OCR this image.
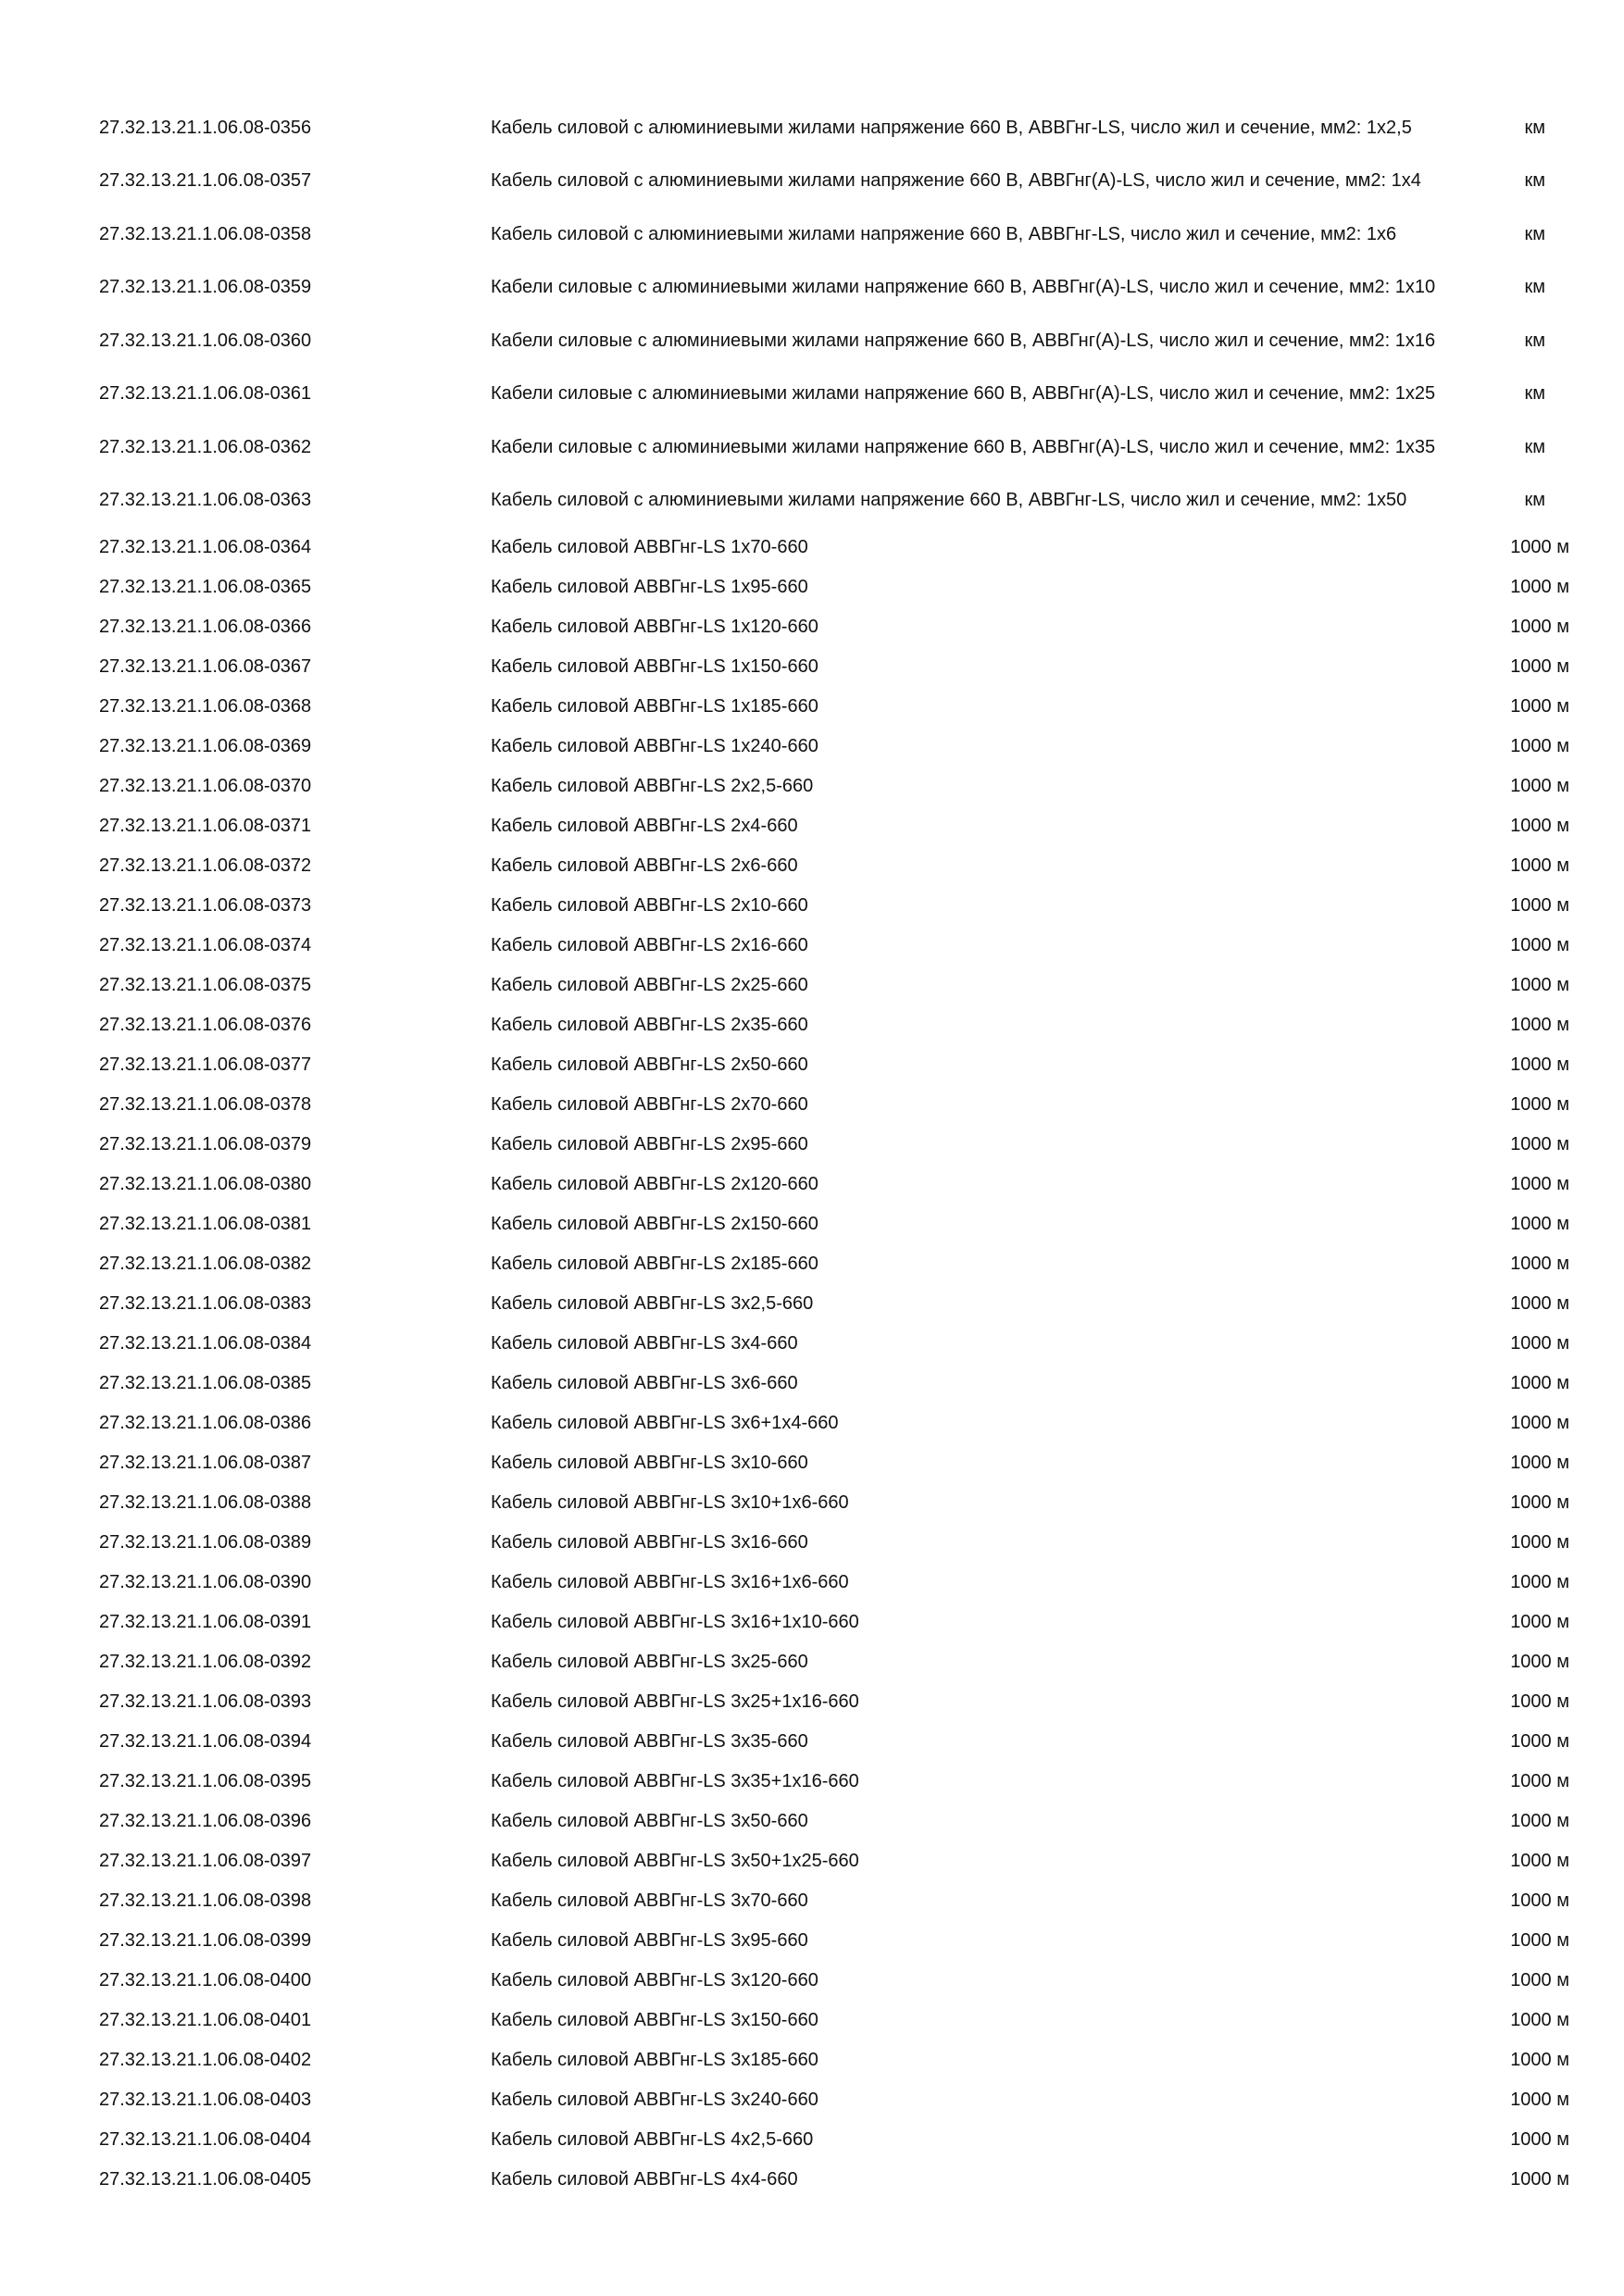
27.32.13.21.1.06.08-0356	Кабель силовой с алюминиевыми жилами напряжение 660 В, АВВГнг-LS, число жил и сечение, мм2: 1х2,5	км
27.32.13.21.1.06.08-0357	Кабель силовой с алюминиевыми жилами напряжение 660 В, АВВГнг(А)-LS, число жил и сечение, мм2: 1х4	км
27.32.13.21.1.06.08-0358	Кабель силовой с алюминиевыми жилами напряжение 660 В, АВВГнг-LS, число жил и сечение, мм2: 1х6	км
27.32.13.21.1.06.08-0359	Кабели силовые с алюминиевыми жилами напряжение 660 В, АВВГнг(А)-LS, число жил и сечение, мм2: 1х10	км
27.32.13.21.1.06.08-0360	Кабели силовые с алюминиевыми жилами напряжение 660 В, АВВГнг(А)-LS, число жил и сечение, мм2: 1х16	км
27.32.13.21.1.06.08-0361	Кабели силовые с алюминиевыми жилами напряжение 660 В, АВВГнг(А)-LS, число жил и сечение, мм2: 1х25	км
27.32.13.21.1.06.08-0362	Кабели силовые с алюминиевыми жилами напряжение 660 В, АВВГнг(А)-LS, число жил и сечение, мм2: 1х35	км
27.32.13.21.1.06.08-0363	Кабель силовой с алюминиевыми жилами напряжение 660 В, АВВГнг-LS, число жил и сечение, мм2: 1х50	км
27.32.13.21.1.06.08-0364	Кабель силовой АВВГнг-LS 1х70-660	1000 м
27.32.13.21.1.06.08-0365	Кабель силовой АВВГнг-LS 1х95-660	1000 м
27.32.13.21.1.06.08-0366	Кабель силовой АВВГнг-LS 1х120-660	1000 м
27.32.13.21.1.06.08-0367	Кабель силовой АВВГнг-LS 1х150-660	1000 м
27.32.13.21.1.06.08-0368	Кабель силовой АВВГнг-LS 1х185-660	1000 м
27.32.13.21.1.06.08-0369	Кабель силовой АВВГнг-LS 1х240-660	1000 м
27.32.13.21.1.06.08-0370	Кабель силовой АВВГнг-LS 2х2,5-660	1000 м
27.32.13.21.1.06.08-0371	Кабель силовой АВВГнг-LS 2х4-660	1000 м
27.32.13.21.1.06.08-0372	Кабель силовой АВВГнг-LS 2х6-660	1000 м
27.32.13.21.1.06.08-0373	Кабель силовой АВВГнг-LS 2х10-660	1000 м
27.32.13.21.1.06.08-0374	Кабель силовой АВВГнг-LS 2х16-660	1000 м
27.32.13.21.1.06.08-0375	Кабель силовой АВВГнг-LS 2х25-660	1000 м
27.32.13.21.1.06.08-0376	Кабель силовой АВВГнг-LS 2х35-660	1000 м
27.32.13.21.1.06.08-0377	Кабель силовой АВВГнг-LS 2х50-660	1000 м
27.32.13.21.1.06.08-0378	Кабель силовой АВВГнг-LS 2х70-660	1000 м
27.32.13.21.1.06.08-0379	Кабель силовой АВВГнг-LS 2х95-660	1000 м
27.32.13.21.1.06.08-0380	Кабель силовой АВВГнг-LS 2х120-660	1000 м
27.32.13.21.1.06.08-0381	Кабель силовой АВВГнг-LS 2х150-660	1000 м
27.32.13.21.1.06.08-0382	Кабель силовой АВВГнг-LS 2х185-660	1000 м
27.32.13.21.1.06.08-0383	Кабель силовой АВВГнг-LS 3х2,5-660	1000 м
27.32.13.21.1.06.08-0384	Кабель силовой АВВГнг-LS 3х4-660	1000 м
27.32.13.21.1.06.08-0385	Кабель силовой АВВГнг-LS 3х6-660	1000 м
27.32.13.21.1.06.08-0386	Кабель силовой АВВГнг-LS 3х6+1х4-660	1000 м
27.32.13.21.1.06.08-0387	Кабель силовой АВВГнг-LS 3х10-660	1000 м
27.32.13.21.1.06.08-0388	Кабель силовой АВВГнг-LS 3х10+1х6-660	1000 м
27.32.13.21.1.06.08-0389	Кабель силовой АВВГнг-LS 3х16-660	1000 м
27.32.13.21.1.06.08-0390	Кабель силовой АВВГнг-LS 3х16+1х6-660	1000 м
27.32.13.21.1.06.08-0391	Кабель силовой АВВГнг-LS 3х16+1х10-660	1000 м
27.32.13.21.1.06.08-0392	Кабель силовой АВВГнг-LS 3х25-660	1000 м
27.32.13.21.1.06.08-0393	Кабель силовой АВВГнг-LS 3х25+1х16-660	1000 м
27.32.13.21.1.06.08-0394	Кабель силовой АВВГнг-LS 3х35-660	1000 м
27.32.13.21.1.06.08-0395	Кабель силовой АВВГнг-LS 3х35+1х16-660	1000 м
27.32.13.21.1.06.08-0396	Кабель силовой АВВГнг-LS 3х50-660	1000 м
27.32.13.21.1.06.08-0397	Кабель силовой АВВГнг-LS 3х50+1х25-660	1000 м
27.32.13.21.1.06.08-0398	Кабель силовой АВВГнг-LS 3х70-660	1000 м
27.32.13.21.1.06.08-0399	Кабель силовой АВВГнг-LS 3х95-660	1000 м
27.32.13.21.1.06.08-0400	Кабель силовой АВВГнг-LS 3х120-660	1000 м
27.32.13.21.1.06.08-0401	Кабель силовой АВВГнг-LS 3х150-660	1000 м
27.32.13.21.1.06.08-0402	Кабель силовой АВВГнг-LS 3х185-660	1000 м
27.32.13.21.1.06.08-0403	Кабель силовой АВВГнг-LS 3х240-660	1000 м
27.32.13.21.1.06.08-0404	Кабель силовой АВВГнг-LS 4х2,5-660	1000 м
27.32.13.21.1.06.08-0405	Кабель силовой АВВГнг-LS 4х4-660	1000 м
